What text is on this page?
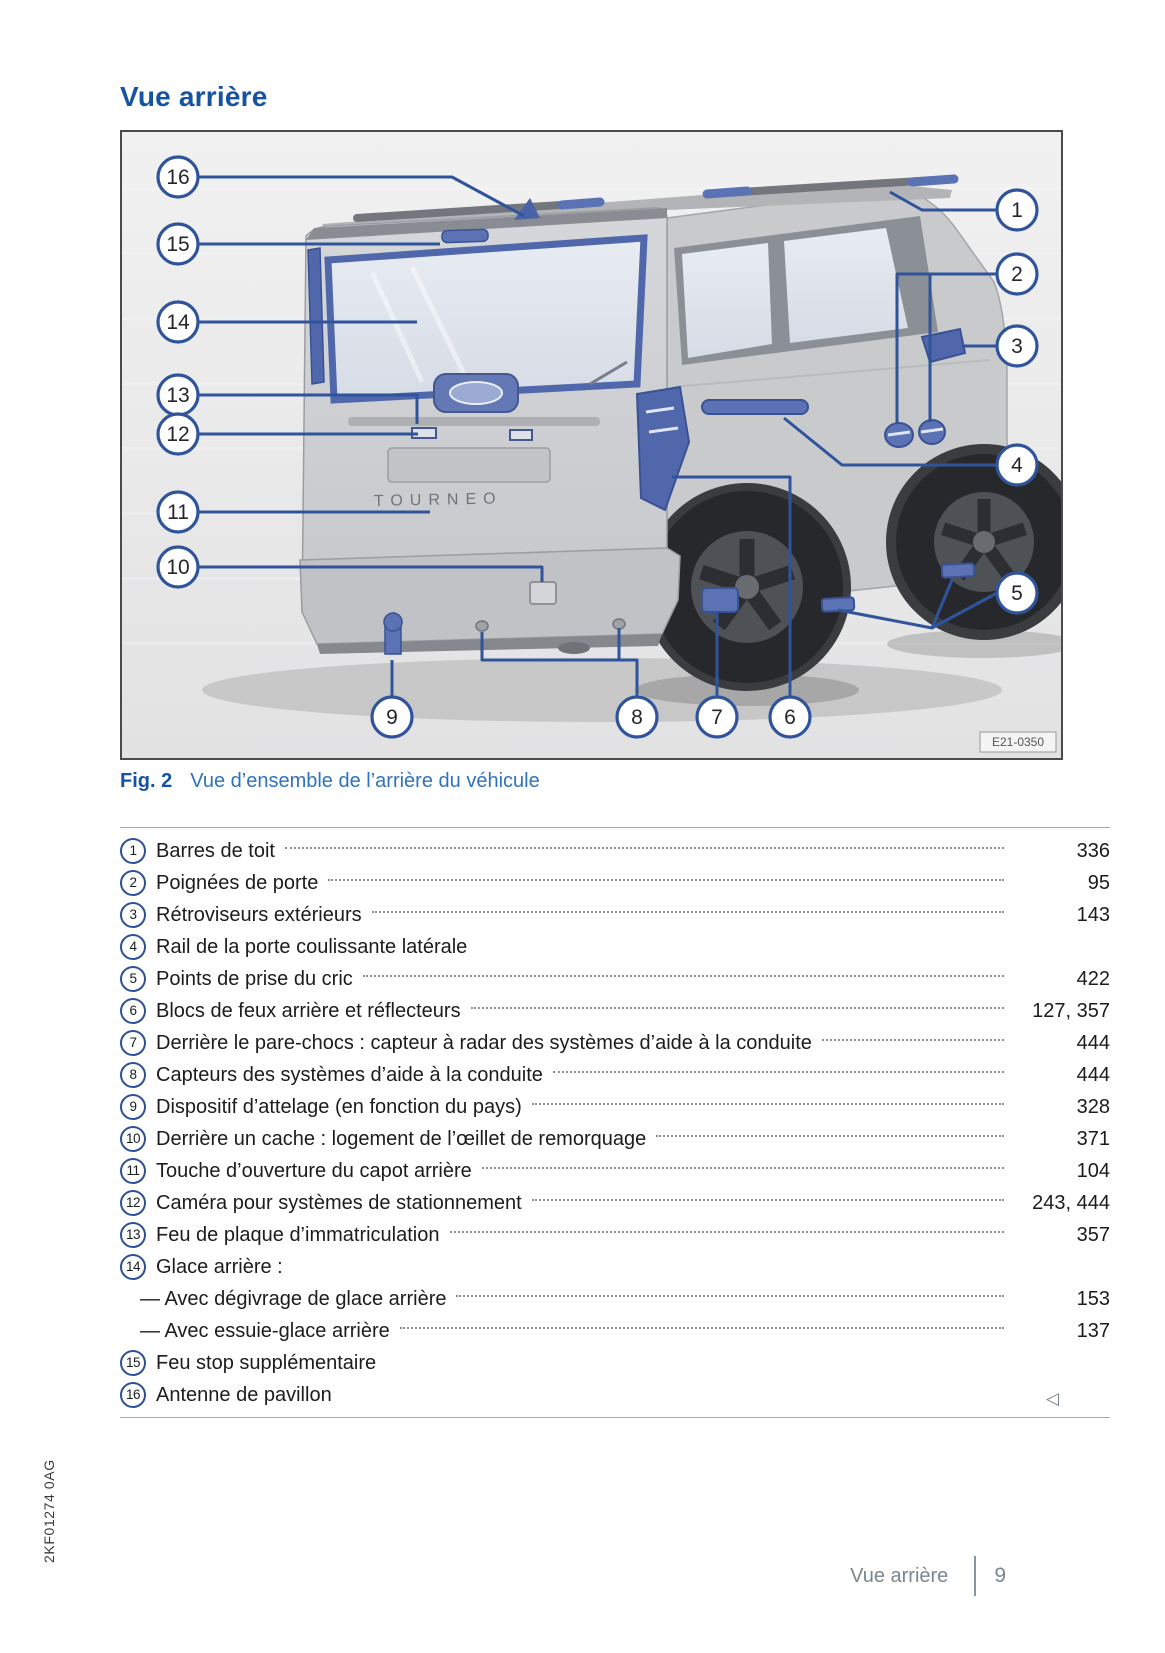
Vue arrière
TOURNEO
16
15
14
13
12
11
10
9	8	7	6
5
4
3
2
1
E21-0350
Fig. 2 Vue d’ensemble de l’arrière du véhicule
1 Barres de toit	336
2 Poignées de porte	95
3 Rétroviseurs extérieurs	143
4 Rail de la porte coulissante latérale
5 Points de prise du cric	422
6 Blocs de feux arrière et réflecteurs	127, 357
7 Derrière le pare-chocs : capteur à radar des systèmes d’aide à la conduite	444
8 Capteurs des systèmes d’aide à la conduite	444
9 Dispositif d’attelage (en fonction du pays)	328
10 Derrière un cache : logement de l’œillet de remorquage	371
11 Touche d’ouverture du capot arrière	104
12 Caméra pour systèmes de stationnement	243, 444
13 Feu de plaque d’immatriculation	357
14 Glace arrière :
— Avec dégivrage de glace arrière	153
— Avec essuie-glace arrière	137
15 Feu stop supplémentaire
16 Antenne de pavillon	◁
2KF01274 0AG
Vue arrière 9
